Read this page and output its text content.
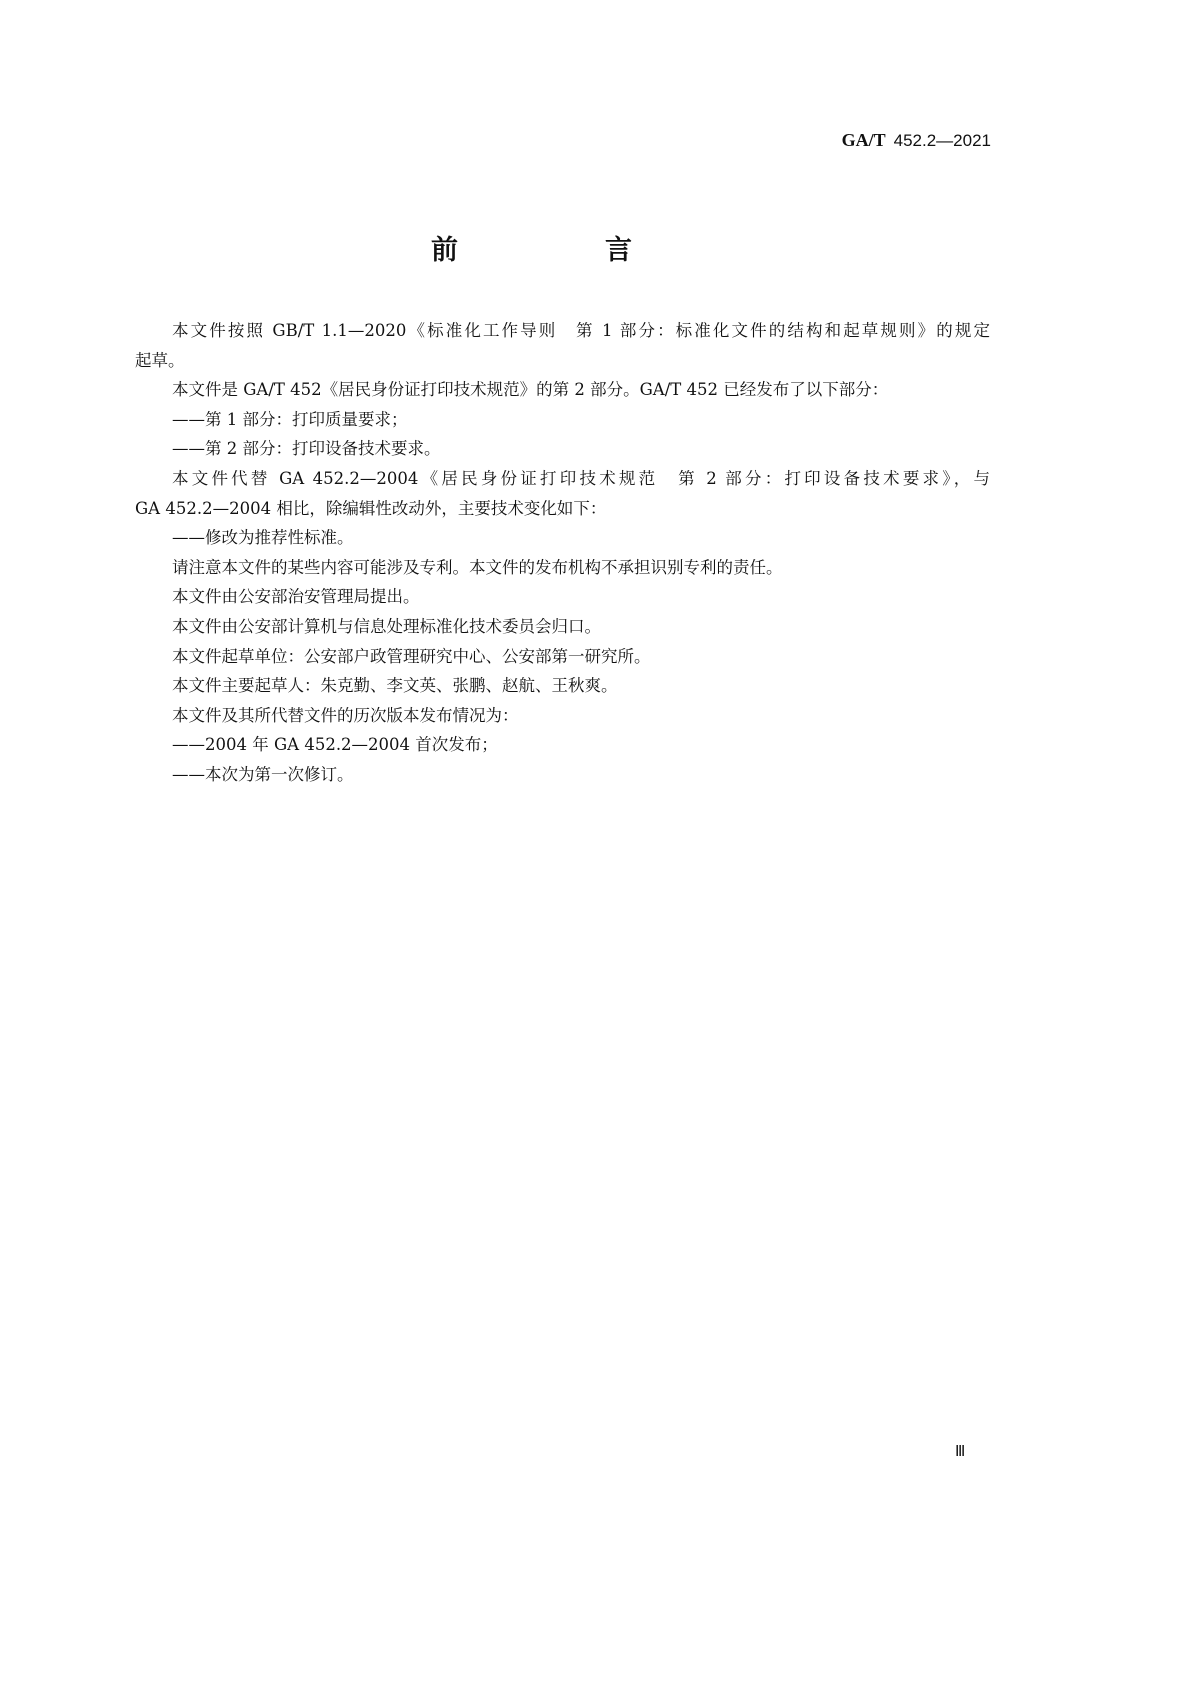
GA/T 452.2—2021
前　言
本文件按照 GB/T 1.1—2020《标准化工作导则　第 1 部分：标准化文件的结构和起草规则》的规定
起草。
本文件是 GA/T 452《居民身份证打印技术规范》的第 2 部分。GA/T 452 已经发布了以下部分：
——第 1 部分：打印质量要求；
——第 2 部分：打印设备技术要求。
本文件代替 GA 452.2—2004《居民身份证打印技术规范　第 2 部分：打印设备技术要求》，与
GA 452.2—2004 相比，除编辑性改动外，主要技术变化如下：
——修改为推荐性标准。
请注意本文件的某些内容可能涉及专利。本文件的发布机构不承担识别专利的责任。
本文件由公安部治安管理局提出。
本文件由公安部计算机与信息处理标准化技术委员会归口。
本文件起草单位：公安部户政管理研究中心、公安部第一研究所。
本文件主要起草人：朱克勤、李文英、张鹏、赵航、王秋爽。
本文件及其所代替文件的历次版本发布情况为：
——2004 年 GA 452.2—2004 首次发布；
——本次为第一次修订。
Ⅲ
